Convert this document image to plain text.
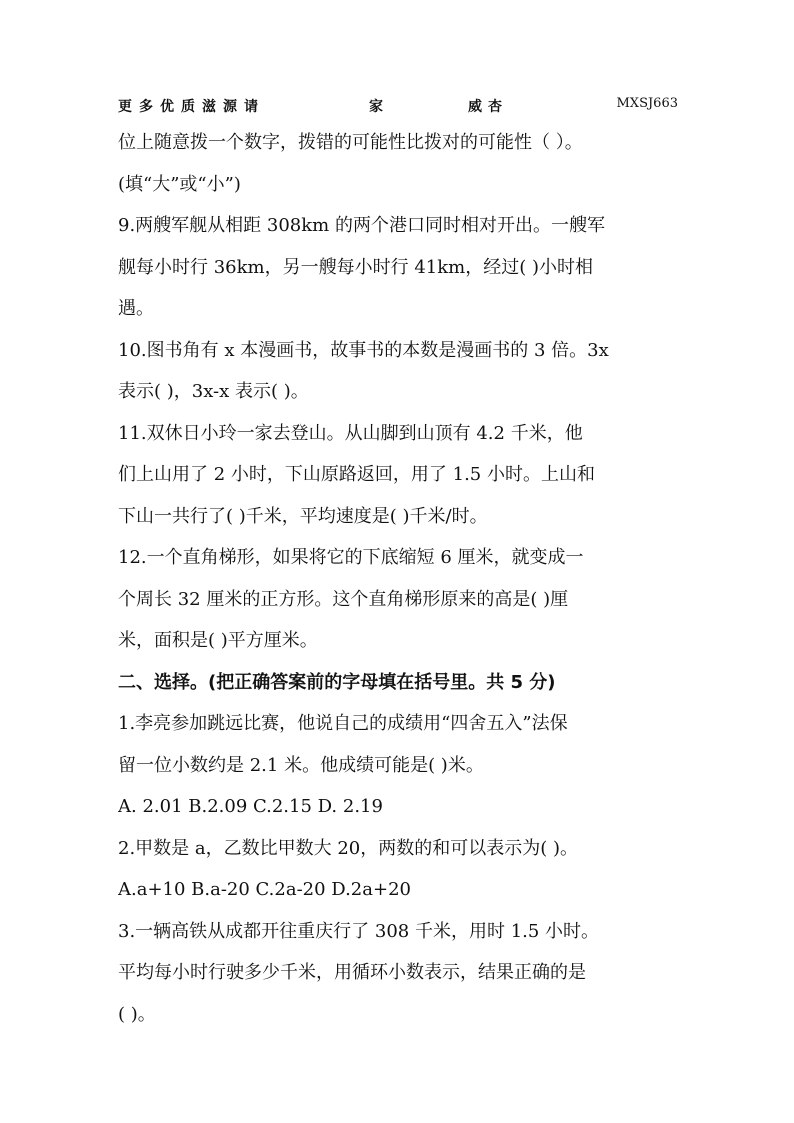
更多优质滋源请	家	威杏	MXSJ663
位上随意拨一个数字，拨错的可能性比拨对的可能性（ ）。
(填“大”或“小”)
9.两艘军舰从相距 308km 的两个港口同时相对开出。一艘军
舰每小时行 36km，另一艘每小时行 41km，经过( )小时相
遇。
10.图书角有 x 本漫画书，故事书的本数是漫画书的 3 倍。3x
表示( )，3x-x 表示( )。
11.双休日小玲一家去登山。从山脚到山顶有 4.2 千米，他
们上山用了 2 小时，下山原路返回，用了 1.5 小时。上山和
下山一共行了( )千米，平均速度是( )千米/时。
12.一个直角梯形，如果将它的下底缩短 6 厘米，就变成一
个周长 32 厘米的正方形。这个直角梯形原来的高是( )厘
米，面积是( )平方厘米。
二、选择。(把正确答案前的字母填在括号里。共 5 分)
1.李亮参加跳远比赛，他说自己的成绩用“四舍五入”法保
留一位小数约是 2.1 米。他成绩可能是( )米。
A. 2.01 B.2.09 C.2.15 D. 2.19
2.甲数是 a，乙数比甲数大 20，两数的和可以表示为( )。
A.a+10 B.a-20 C.2a-20 D.2a+20
3.一辆高铁从成都开往重庆行了 308 千米，用时 1.5 小时。
平均每小时行驶多少千米，用循环小数表示，结果正确的是
( )。
